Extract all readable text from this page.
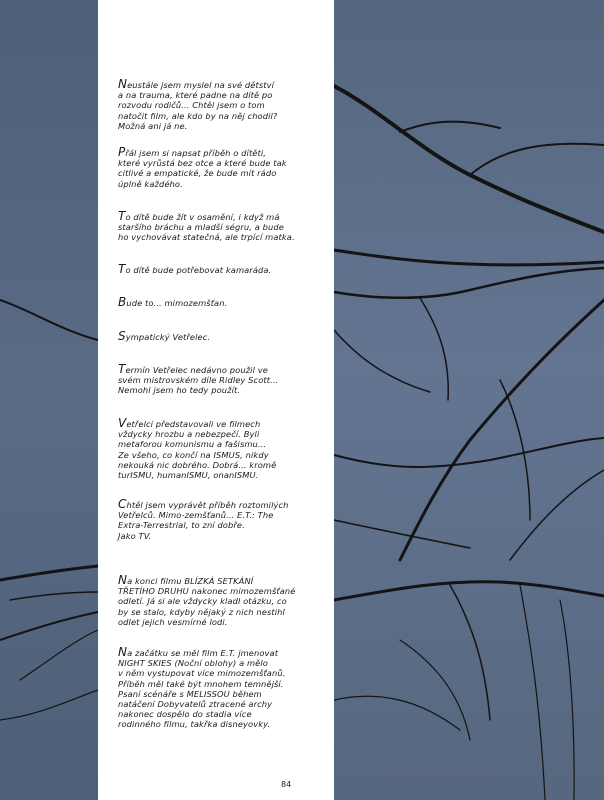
Neustále jsem myslel na své dětství
a na trauma, které padne na dítě po
rozvodu rodičů... Chtěl jsem o tom
natočit film, ale kdo by na něj chodil?
Možná ani já ne.

Přál jsem si napsat příběh o dítěti,
které vyrůstá bez otce a které bude tak
citlivé a empatické, že bude mít rádo
úplně každého.

To dítě bude žít v osamění, i když má
staršího bráchu a mladší ségru, a bude
ho vychovávat statečná, ale trpící matka.

To dítě bude potřebovat kamaráda.

Bude to... mimozemšťan.

Sympatický Vetřelec.

Termín Vetřelec nedávno použil ve
svém mistrovském díle Ridley Scott...
Nemohl jsem ho tedy použít.

Vetřelci představovali ve filmech
vždycky hrozbu a nebezpečí. Byli
metaforou komunismu a fašismu...
Ze všeho, co končí na ISMUS, nikdy
nekouká nic dobrého. Dobrá... kromě
turISMU, humanISMU, onanISMU.

Chtěl jsem vyprávět příběh roztomilých
Vetřelců. Mimo-zemšťanů... E.T.: The
Extra-Terrestrial, to zní dobře.
Jako TV.

Na konci filmu BLÍZKÁ SETKÁNÍ
TŘETÍHO DRUHU nakonec mimozemšťané
odletí. Já si ale vždycky kladl otázku, co
by se stalo, kdyby nějaký z nich nestihl
odlet jejich vesmírné lodi.

Na začátku se měl film E.T. jmenovat
NIGHT SKIES (Noční oblohy) a mělo
v něm vystupovat více mimozemšťanů.
Příběh měl také být mnohem temnější.
Psaní scénáře s MELISSOU během
natáčení Dobyvatelů ztracené archy
nakonec dospělo do stadia více
rodinného filmu, takřka disneyovky.

84
